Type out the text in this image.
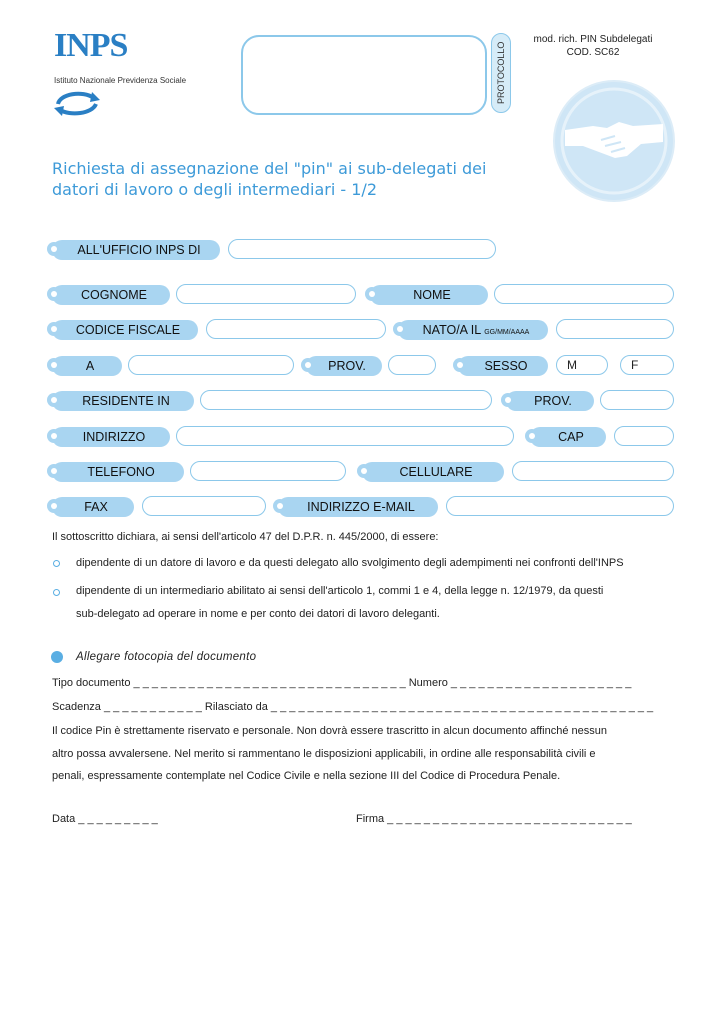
INPS
Istituto Nazionale Previdenza Sociale	PROTOCOLLO
mod. rich. PIN Subdelegati
COD. SC62
Richiesta di assegnazione del "pin" ai sub-delegati dei
datori di lavoro o degli intermediari - 1/2
ALL'UFFICIO INPS DI
COGNOME	NOME
CODICE FISCALE	NATO/A IL GG/MM/AAAA
A	PROV.	SESSO	M	F
RESIDENTE IN	PROV.
INDIRIZZO	CAP
TELEFONO	CELLULARE
FAX	INDIRIZZO E-MAIL
Il sottoscritto dichiara, ai sensi dell'articolo 47 del D.P.R. n. 445/2000, di essere:
dipendente di un datore di lavoro e da questi delegato allo svolgimento degli adempimenti nei confronti dell'INPS
dipendente di un intermediario abilitato ai sensi dell'articolo 1, commi 1 e 4, della legge n. 12/1979, da questi
sub-delegato ad operare in nome e per conto dei datori di lavoro deleganti.
Allegare fotocopia del documento
Tipo documento _ _ _ _ _ _ _ _ _ _ _ _ _ _ _ _ _ _ _ _ _ _ _ _ _ _ _ _ _ _ Numero _ _ _ _ _ _ _ _ _ _ _ _ _ _ _ _ _ _ _ _
Scadenza _ _ _ _ _ _ _ _ _ _ _ Rilasciato da _ _ _ _ _ _ _ _ _ _ _ _ _ _ _ _ _ _ _ _ _ _ _ _ _ _ _ _ _ _ _ _ _ _ _ _ _ _ _ _ _ _
Il codice Pin è strettamente riservato e personale. Non dovrà essere trascritto in alcun documento affinché nessun
altro possa avvalersene. Nel merito si rammentano le disposizioni applicabili, in ordine alle responsabilità civili e
penali, espressamente contemplate nel Codice Civile e nella sezione III del Codice di Procedura Penale.
Data _ _ _ _ _ _ _ _ _	Firma _ _ _ _ _ _ _ _ _ _ _ _ _ _ _ _ _ _ _ _ _ _ _ _ _ _ _
